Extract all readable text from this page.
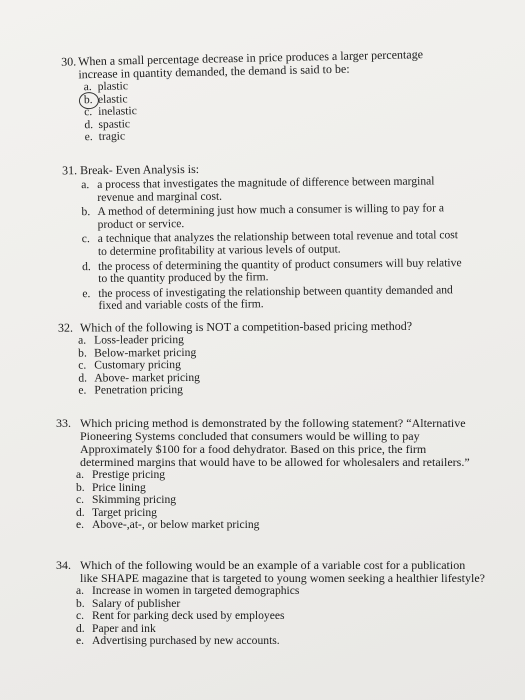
30. When a small percentage decrease in price produces a larger percentage increase in quantity demanded, the demand is said to be:
a. plastic
b. elastic
c. inelastic
d. spastic
e. tragic
31. Break- Even Analysis is:
a. a process that investigates the magnitude of difference between marginal revenue and marginal cost.
b. A method of determining just how much a consumer is willing to pay for a product or service.
c. a technique that analyzes the relationship between total revenue and total cost to determine profitability at various levels of output.
d. the process of determining the quantity of product consumers will buy relative to the quantity produced by the firm.
e. the process of investigating the relationship between quantity demanded and fixed and variable costs of the firm.
32. Which of the following is NOT a competition-based pricing method?
a. Loss-leader pricing
b. Below-market pricing
c. Customary pricing
d. Above- market pricing
e. Penetration pricing
33. Which pricing method is demonstrated by the following statement? “Alternative Pioneering Systems concluded that consumers would be willing to pay Approximately $100 for a food dehydrator. Based on this price, the firm determined margins that would have to be allowed for wholesalers and retailers.”
a. Prestige pricing
b. Price lining
c. Skimming pricing
d. Target pricing
e. Above-,at-, or below market pricing
34. Which of the following would be an example of a variable cost for a publication like SHAPE magazine that is targeted to young women seeking a healthier lifestyle?
a. Increase in women in targeted demographics
b. Salary of publisher
c. Rent for parking deck used by employees
d. Paper and ink
e. Advertising purchased by new accounts.
